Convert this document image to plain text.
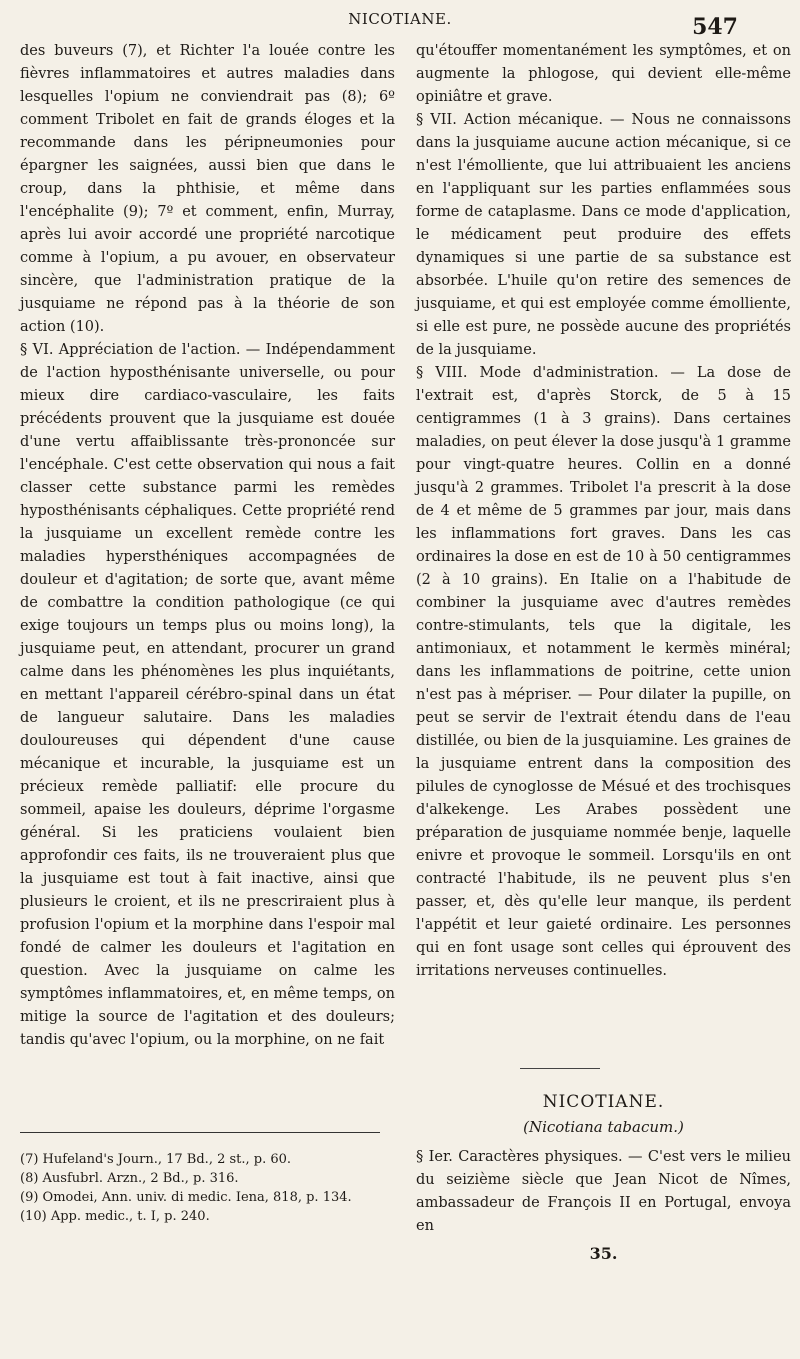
NICOTIANE.	547

des buveurs (7), et Richter l'a louée contre les fièvres inflammatoires et autres maladies dans lesquelles l'opium ne conviendrait pas (8); 6º comment Tribolet en fait de grands éloges et la recommande dans les péripneumonies pour épargner les saignées, aussi bien que dans le croup, dans la phthisie, et même dans l'encéphalite (9); 7º et comment, enfin, Murray, après lui avoir accordé une propriété narcotique comme à l'opium, a pu avouer, en observateur sincère, que l'administration pratique de la jusquiame ne répond pas à la théorie de son action (10).

§ VI. Appréciation de l'action. — Indépendamment de l'action hyposthénisante universelle, ou pour mieux dire cardiaco-vasculaire, les faits précédents prouvent que la jusquiame est douée d'une vertu affaiblissante très-prononcée sur l'encéphale. C'est cette observation qui nous a fait classer cette substance parmi les remèdes hyposthénisants céphaliques. Cette propriété rend la jusquiame un excellent remède contre les maladies hypersthéniques accompagnées de douleur et d'agitation; de sorte que, avant même de combattre la condition pathologique (ce qui exige toujours un temps plus ou moins long), la jusquiame peut, en attendant, procurer un grand calme dans les phénomènes les plus inquiétants, en mettant l'appareil cérébro-spinal dans un état de langueur salutaire. Dans les maladies douloureuses qui dépendent d'une cause mécanique et incurable, la jusquiame est un précieux remède palliatif: elle procure du sommeil, apaise les douleurs, déprime l'orgasme général. Si les praticiens voulaient bien approfondir ces faits, ils ne trouveraient plus que la jusquiame est tout à fait inactive, ainsi que plusieurs le croient, et ils ne prescriraient plus à profusion l'opium et la morphine dans l'espoir mal fondé de calmer les douleurs et l'agitation en question. Avec la jusquiame on calme les symptômes inflammatoires, et, en même temps, on mitige la source de l'agitation et des douleurs; tandis qu'avec l'opium, ou la morphine, on ne fait

(7) Hufeland's Journ., 17 Bd., 2 st., p. 60.
(8) Ausfubrl. Arzn., 2 Bd., p. 316.
(9) Omodei, Ann. univ. di medic. Iena, 818, p. 134.
(10) App. medic., t. I, p. 240.

qu'étouffer momentanément les symptômes, et on augmente la phlogose, qui devient elle-même opiniâtre et grave.

§ VII. Action mécanique. — Nous ne connaissons dans la jusquiame aucune action mécanique, si ce n'est l'émolliente, que lui attribuaient les anciens en l'appliquant sur les parties enflammées sous forme de cataplasme. Dans ce mode d'application, le médicament peut produire des effets dynamiques si une partie de sa substance est absorbée. L'huile qu'on retire des semences de jusquiame, et qui est employée comme émolliente, si elle est pure, ne possède aucune des propriétés de la jusquiame.

§ VIII. Mode d'administration. — La dose de l'extrait est, d'après Storck, de 5 à 15 centigrammes (1 à 3 grains). Dans certaines maladies, on peut élever la dose jusqu'à 1 gramme pour vingt-quatre heures. Collin en a donné jusqu'à 2 grammes. Tribolet l'a prescrit à la dose de 4 et même de 5 grammes par jour, mais dans les inflammations fort graves. Dans les cas ordinaires la dose en est de 10 à 50 centigrammes (2 à 10 grains). En Italie on a l'habitude de combiner la jusquiame avec d'autres remèdes contre-stimulants, tels que la digitale, les antimoniaux, et notamment le kermès minéral; dans les inflammations de poitrine, cette union n'est pas à mépriser. — Pour dilater la pupille, on peut se servir de l'extrait étendu dans de l'eau distillée, ou bien de la jusquiamine. Les graines de la jusquiame entrent dans la composition des pilules de cynoglosse de Mésué et des trochisques d'alkekenge. Les Arabes possèdent une préparation de jusquiame nommée benje, laquelle enivre et provoque le sommeil. Lorsqu'ils en ont contracté l'habitude, ils ne peuvent plus s'en passer, et, dès qu'elle leur manque, ils perdent l'appétit et leur gaieté ordinaire. Les personnes qui en font usage sont celles qui éprouvent des irritations nerveuses continuelles.

NICOTIANE.
(Nicotiana tabacum.)
§ Ier. Caractères physiques. — C'est vers le milieu du seizième siècle que Jean Nicot de Nîmes, ambassadeur de François II en Portugal, envoya en
35.
